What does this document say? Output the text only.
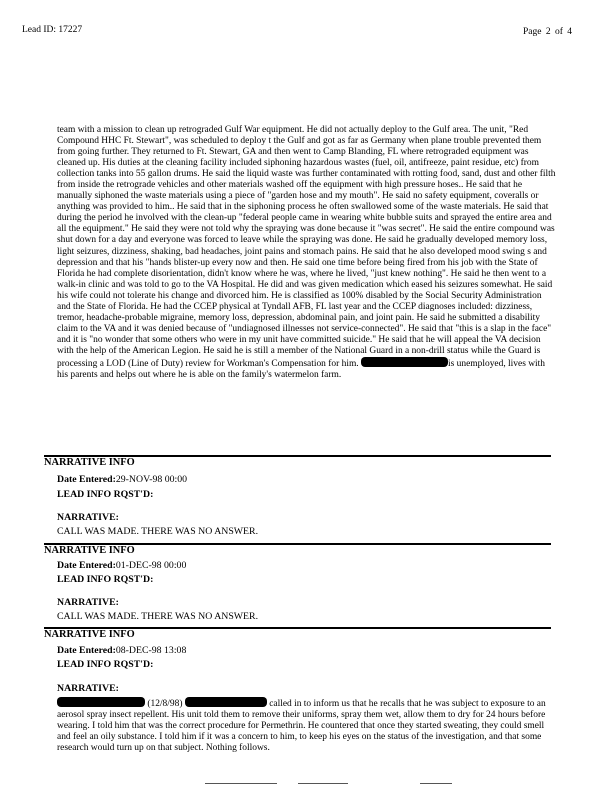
Lead ID: 17227	Page 2 of 4

team with a mission to clean up retrograded Gulf War equipment. He did not actually deploy to the Gulf area. The unit, "Red Compound HHC Ft. Stewart", was scheduled to deploy t the Gulf and got as far as Germany when plane trouble prevented them from going further. They returned to Ft. Stewart, GA and then went to Camp Blanding, FL where retrograded equipment was cleaned up. His duties at the cleaning facility included siphoning hazardous wastes (fuel, oil, antifreeze, paint residue, etc) from collection tanks into 55 gallon drums. He said the liquid waste was further contaminated with rotting food, sand, dust and other filth from inside the retrograde vehicles and other materials washed off the equipment with high pressure hoses.. He said that he manually siphoned the waste materials using a piece of "garden hose and my mouth". He said no safety equipment, coveralls or anything was provided to him.. He said that in the siphoning process he often swallowed some of the waste materials. He said that during the period he involved with the clean-up "federal people came in wearing white bubble suits and sprayed the entire area and all the equipment." He said they were not told why the spraying was done because it "was secret". He said the entire compound was shut down for a day and everyone was forced to leave while the spraying was done. He said he gradually developed memory loss, light seizures, dizziness, shaking, bad headaches, joint pains and stomach pains. He said that he also developed mood swing s and depression and that his "hands blister-up every now and then. He said one time before being fired from his job with the State of Florida he had complete disorientation, didn't know where he was, where he lived, "just knew nothing". He said he then went to a walk-in clinic and was told to go to the VA Hospital. He did and was given medication which eased his seizures somewhat. He said his wife could not tolerate his change and divorced him. He is classified as 100% disabled by the Social Security Administration and the State of Florida. He had the CCEP physical at Tyndall AFB, FL last year and the CCEP diagnoses included: dizziness, tremor, headache-probable migraine, memory loss, depression, abdominal pain, and joint pain. He said he submitted a disability claim to the VA and it was denied because of "undiagnosed illnesses not service-connected". He said that "this is a slap in the face" and it is "no wonder that some others who were in my unit have committed suicide." He said that he will appeal the VA decision with the help of the American Legion. He said he is still a member of the National Guard in a non-drill status while the Guard is processing a LOD (Line of Duty) review for Workman's Compensation for him.	is unemployed, lives with his parents and helps out where he is able on the family's watermelon farm.

NARRATIVE INFO
Date Entered:29-NOV-98 00:00
LEAD INFO RQST'D:
NARRATIVE:
CALL WAS MADE. THERE WAS NO ANSWER.
NARRATIVE INFO
Date Entered:01-DEC-98 00:00
LEAD INFO RQST'D:
NARRATIVE:
CALL WAS MADE. THERE WAS NO ANSWER.
NARRATIVE INFO
Date Entered:08-DEC-98 13:08
LEAD INFO RQST'D:
NARRATIVE:

(12/8/98)	called in to inform us that he recalls that he was subject to exposure to an aerosol spray insect repellent. His unit told them to remove their uniforms, spray them wet, allow them to dry for 24 hours before wearing. I told him that was the correct procedure for Permethrin. He countered that once they started sweating, they could smell and feel an oily substance. I told him if it was a concern to him, to keep his eyes on the status of the investigation, and that some research would turn up on that subject. Nothing follows.
